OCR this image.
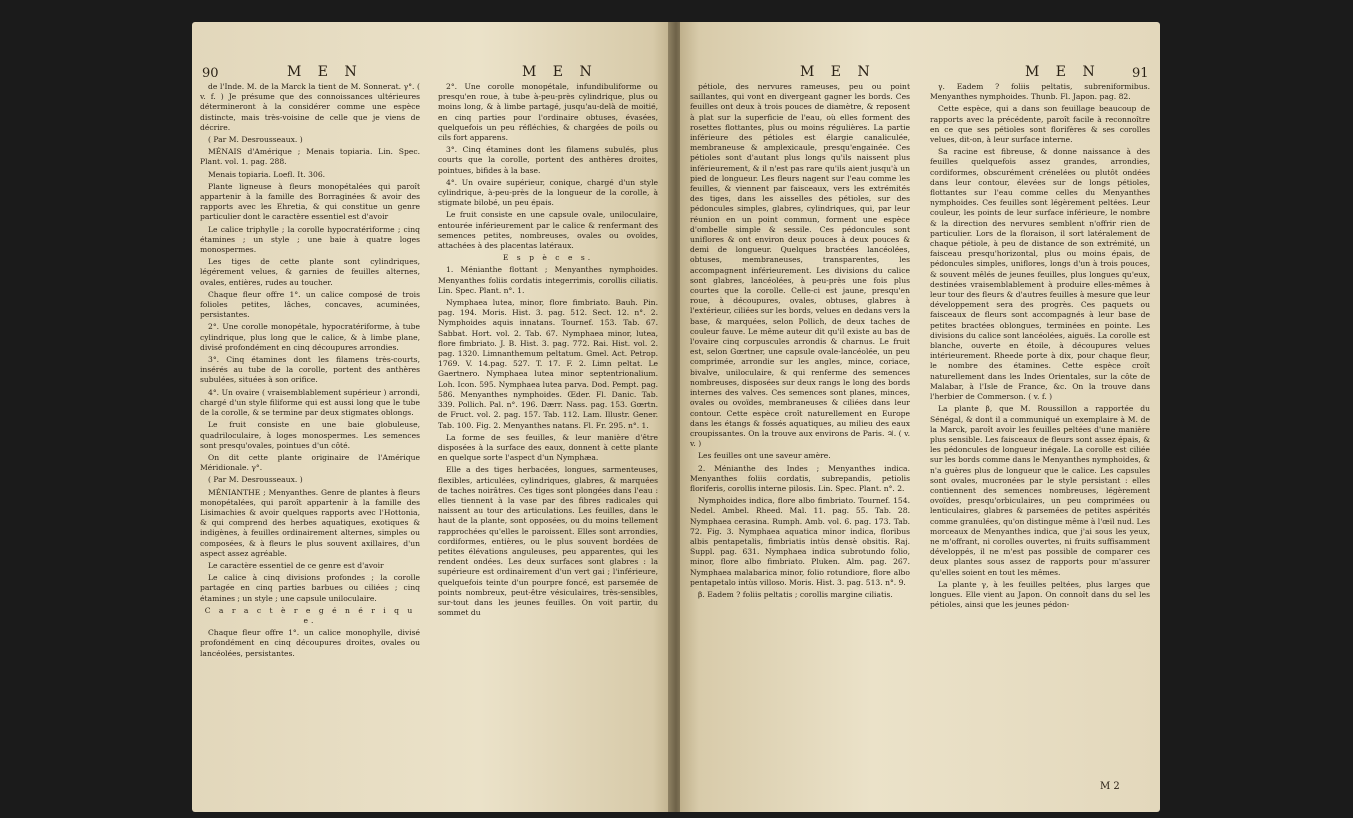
90	M E N	M E N

de l'Inde. M. de la Marck la tient de M. Sonnerat. γ°. ( v. f. ) Je présume que des connoissances ultérieures détermineront à la considérer comme une espèce distincte, mais très-voisine de celle que je viens de décrire.

( Par M. Desrousseaux. )

MÉNAIS d'Amérique ; Menais topiaria. Lin. Spec. Plant. vol. 1. pag. 288.

Menais topiaria. Loefl. It. 306.

Plante ligneuse à fleurs monopétalées qui paroît appartenir à la famille des Borraginées & avoir des rapports avec les Ehretia, & qui constitue un genre particulier dont le caractère essentiel est d'avoir

Le calice triphylle ; la corolle hypocratériforme ; cinq étamines ; un style ; une baie à quatre loges monospermes.

Les tiges de cette plante sont cylindriques, légérement velues, & garnies de feuilles alternes, ovales, entières, rudes au toucher.

Chaque fleur offre 1°. un calice composé de trois folioles petites, lâches, concaves, acuminées, persistantes.

2°. Une corolle monopétale, hypocratériforme, à tube cylindrique, plus long que le calice, & à limbe plane, divisé profondément en cinq découpures arrondies.

3°. Cinq étamines dont les filamens très-courts, insérés au tube de la corolle, portent des anthères subulées, situées à son orifice.

4°. Un ovaire ( vraisemblablement supérieur ) arrondi, chargé d'un style filiforme qui est aussi long que le tube de la corolle, & se termine par deux stigmates oblongs.

Le fruit consiste en une baie globuleuse, quadriloculaire, à loges monospermes. Les semences sont presqu'ovales, pointues d'un côté.

On dit cette plante originaire de l'Amérique Méridionale. γ°.

( Par M. Desrousseaux. )

MÉNIANTHE ; Menyanthes. Genre de plantes à fleurs monopétalées, qui paroît appartenir à la famille des Lisimachies & avoir quelques rapports avec l'Hottonia, & qui comprend des herbes aquatiques, exotiques & indigènes, à feuilles ordinairement alternes, simples ou composées, & à fleurs le plus souvent axillaires, d'un aspect assez agréable.

Le caractère essentiel de ce genre est d'avoir

Le calice à cinq divisions profondes ; la corolle partagée en cinq parties barbues ou ciliées ; cinq étamines ; un style ; une capsule uniloculaire.

C a r a c t è r e g é n é r i q u e.

Chaque fleur offre 1°. un calice monophylle, divisé profondément en cinq découpures droites, ovales ou lancéolées, persistantes.

2°. Une corolle monopétale, infundibuliforme ou presqu'en roue, à tube à-peu-près cylindrique, plus ou moins long, & à limbe partagé, jusqu'au-delà de moitié, en cinq parties pour l'ordinaire obtuses, évasées, quelquefois un peu réfléchies, & chargées de poils ou cils fort apparens.

3°. Cinq étamines dont les filamens subulés, plus courts que la corolle, portent des anthères droites, pointues, bifides à la base.

4°. Un ovaire supérieur, conique, chargé d'un style cylindrique, à-peu-près de la longueur de la corolle, à stigmate bilobé, un peu épais.

Le fruit consiste en une capsule ovale, uniloculaire, entourée inférieurement par le calice & renfermant des semences petites, nombreuses, ovales ou ovoïdes, attachées à des placentas latéraux.

E s p è c e s.

1. Ménianthe flottant ; Menyanthes nymphoides. Menyanthes foliis cordatis integerrimis, corollis ciliatis. Lin. Spec. Plant. n°. 1.

Nymphaea lutea, minor, flore fimbriato. Bauh. Pin. pag. 194. Moris. Hist. 3. pag. 512. Sect. 12. n°. 2. Nymphoides aquis innatans. Tournef. 153. Tab. 67. Sabbat. Hort. vol. 2. Tab. 67. Nymphaea minor, lutea, flore fimbriato. J. B. Hist. 3. pag. 772. Rai. Hist. vol. 2. pag. 1320. Limnanthemum peltatum. Gmel. Act. Petrop. 1769. V. 14.pag. 527. T. 17. F. 2. Limn peltat. Le Gaertnero. Nymphaea lutea minor septentrionalium. Loh. Icon. 595. Nymphaea lutea parva. Dod. Pempt. pag. 586. Menyanthes nymphoides. Œder. Fl. Danic. Tab. 339. Pollich. Pal. n°. 196. Dærr. Nass. pag. 153. Gœrtn. de Fruct. vol. 2. pag. 157. Tab. 112. Lam. Illustr. Gener. Tab. 100. Fig. 2. Menyanthes natans. Fl. Fr. 295. n°. 1.

La forme de ses feuilles, & leur manière d'être disposées à la surface des eaux, donnent à cette plante en quelque sorte l'aspect d'un Nymphæa.

Elle a des tiges herbacées, longues, sarmenteuses, flexibles, articulées, cylindriques, glabres, & marquées de taches noirâtres. Ces tiges sont plongées dans l'eau : elles tiennent à la vase par des fibres radicales qui naissent au tour des articulations. Les feuilles, dans le haut de la plante, sont opposées, ou du moins tellement rapprochées qu'elles le paroissent. Elles sont arrondies, cordiformes, entières, ou le plus souvent bordées de petites élévations anguleuses, peu apparentes, qui les rendent ondées. Les deux surfaces sont glabres : la supérieure est ordinairement d'un vert gai ; l'inférieure, quelquefois teinte d'un pourpre foncé, est parsemée de points nombreux, peut-être vésiculaires, très-sensibles, sur-tout dans les jeunes feuilles. On voit partir, du sommet du

M E N	M E N 91

pétiole, des nervures rameuses, peu ou point saillantes, qui vont en divergeant gagner les bords. Ces feuilles ont deux à trois pouces de diamètre, & reposent à plat sur la superficie de l'eau, où elles forment des rosettes flottantes, plus ou moins régulières. La partie inférieure des pétioles est élargie canaliculée, membraneuse & amplexicaule, presqu'engainée. Ces pétioles sont d'autant plus longs qu'ils naissent plus inférieurement, & il n'est pas rare qu'ils aient jusqu'à un pied de longueur. Les fleurs nagent sur l'eau comme les feuilles, & viennent par faisceaux, vers les extrémités des tiges, dans les aisselles des pétioles, sur des pédoncules simples, glabres, cylindriques, qui, par leur réunion en un point commun, forment une espèce d'ombelle simple & sessile. Ces pédoncules sont uniflores & ont environ deux pouces à deux pouces & demi de longueur. Quelques bractées lancéolées, obtuses, membraneuses, transparentes, les accompagnent inférieurement. Les divisions du calice sont glabres, lancéolées, à peu-près une fois plus courtes que la corolle. Celle-ci est jaune, presqu'en roue, à découpures, ovales, obtuses, glabres à l'extérieur, ciliées sur les bords, velues en dedans vers la base, & marquées, selon Pollich, de deux taches de couleur fauve. Le même auteur dit qu'il existe au bas de l'ovaire cinq corpuscules arrondis & charnus. Le fruit est, selon Gœrtner, une capsule ovale-lancéolée, un peu comprimée, arrondie sur les angles, mince, coriace, bivalve, uniloculaire, & qui renferme des semences nombreuses, disposées sur deux rangs le long des bords internes des valves. Ces semences sont planes, minces, ovales ou ovoïdes, membraneuses & ciliées dans leur contour. Cette espèce croît naturellement en Europe dans les étangs & fossés aquatiques, au milieu des eaux croupissantes. On la trouve aux environs de Paris. ♃. ( v. v. )

Les feuilles ont une saveur amère.

2. Ménianthe des Indes ; Menyanthes indica. Menyanthes foliis cordatis, subrepandis, petiolis floriferis, corollis interne pilosis. Lin. Spec. Plant. n°. 2.

Nymphoides indica, flore albo fimbriato. Tournef. 154. Nedel. Ambel. Rheed. Mal. 11. pag. 55. Tab. 28. Nymphaea cerasina. Rumph. Amb. vol. 6. pag. 173. Tab. 72. Fig. 3. Nymphaea aquatica minor indica, floribus albis pentapetalis, fimbriatis intùs densè obsitis. Raj. Suppl. pag. 631. Nymphaea indica subrotundo folio, minor, flore albo fimbriato. Pluken. Alm. pag. 267. Nymphaea malabarica minor, folio rotundiore, flore albo pentapetalo intùs villoso. Moris. Hist. 3. pag. 513. n°. 9.

β. Eadem ? foliis peltatis ; corollis margine ciliatis.

γ. Eadem ? foliis peltatis, subreniformibus. Menyanthes nymphoides. Thunb. Fl. Japon. pag. 82.

Cette espèce, qui a dans son feuillage beaucoup de rapports avec la précédente, paroît facile à reconnoître en ce que ses pétioles sont florifères & ses corolles velues, dit-on, à leur surface interne.

Sa racine est fibreuse, & donne naissance à des feuilles quelquefois assez grandes, arrondies, cordiformes, obscurément crénelées ou plutôt ondées dans leur contour, élevées sur de longs pétioles, flottantes sur l'eau comme celles du Menyanthes nymphoides. Ces feuilles sont légèrement peltées. Leur couleur, les points de leur surface inférieure, le nombre & la direction des nervures semblent n'offrir rien de particulier. Lors de la floraison, il sort latéralement de chaque pétiole, à peu de distance de son extrémité, un faisceau presqu'horizontal, plus ou moins épais, de pédoncules simples, uniflores, longs d'un à trois pouces, & souvent mêlés de jeunes feuilles, plus longues qu'eux, destinées vraisemblablement à produire elles-mêmes à leur tour des fleurs & d'autres feuilles à mesure que leur développement sera des progrès. Ces paquets ou faisceaux de fleurs sont accompagnés à leur base de petites bractées oblongues, terminées en pointe. Les divisions du calice sont lancéolées, aiguës. La corolle est blanche, ouverte en étoile, à découpures velues intérieurement. Rheede porte à dix, pour chaque fleur, le nombre des étamines. Cette espèce croît naturellement dans les Indes Orientales, sur la côte de Malabar, à l'Isle de France, &c. On la trouve dans l'herbier de Commerson. ( v. f. )

La plante β, que M. Roussillon a rapportée du Sénégal, & dont il a communiqué un exemplaire à M. de la Marck, paroît avoir les feuilles peltées d'une manière plus sensible. Les faisceaux de fleurs sont assez épais, & les pédoncules de longueur inégale. La corolle est ciliée sur les bords comme dans le Menyanthes nymphoides, & n'a guères plus de longueur que le calice. Les capsules sont ovales, mucronées par le style persistant : elles contiennent des semences nombreuses, légèrement ovoïdes, presqu'orbiculaires, un peu comprimées ou lenticulaires, glabres & parsemées de petites aspérités comme granulées, qu'on distingue même à l'œil nud. Les morceaux de Menyanthes indica, que j'ai sous les yeux, ne m'offrant, ni corolles ouvertes, ni fruits suffisamment développés, il ne m'est pas possible de comparer ces deux plantes sous assez de rapports pour m'assurer qu'elles soient en tout les mêmes.

La plante γ, à les feuilles peltées, plus larges que longues. Elle vient au Japon. On connoît dans du sel les pétioles, ainsi que les jeunes pédon-

M 2
